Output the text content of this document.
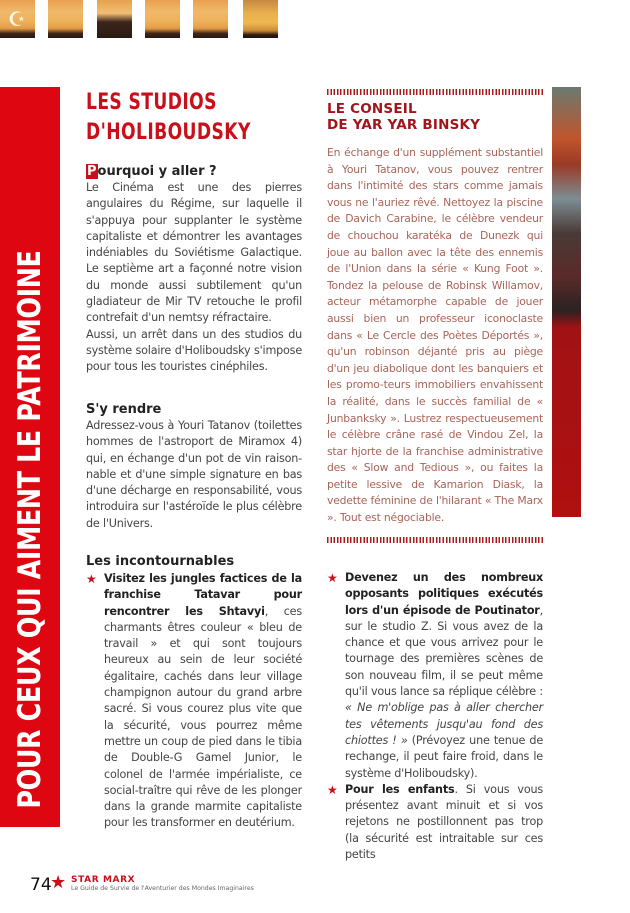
☪
POUR CEUX QUI AIMENT LE PATRIMOINE
LES STUDIOS
D'HOLIBOUDSKY
Pourquoi y aller ?

Le Cinéma est une des pierres angulaires du Régime, sur laquelle il s'appuya pour supplanter le système capitaliste et démontrer les avantages indéniables du Soviétisme Galactique. Le septième art a façonné notre vision du monde aussi subtilement qu'un gladiateur de Mir TV retouche le profil contrefait d'un nemtsy réfractaire.

Aussi, un arrêt dans un des studios du système solaire d'Holiboudsky s'impose pour tous les touristes cinéphiles.

S'y rendre

Adressez-vous à Youri Tatanov (toilettes hommes de l'astroport de Miramox 4) qui, en échange d'un pot de vin raison-nable et d'une simple signature en bas d'une décharge en responsabilité, vous introduira sur l'astéroïde le plus célèbre de l'Univers.

LE CONSEIL
DE YAR YAR BINSKY

En échange d'un supplément substantiel à Youri Tatanov, vous pouvez rentrer dans l'intimité des stars comme jamais vous ne l'auriez rêvé. Nettoyez la piscine de Davich Carabine, le célèbre vendeur de chouchou karatéka de Dunezk qui joue au ballon avec la tête des ennemis de l'Union dans la série « Kung Foot ». Tondez la pelouse de Robinsk Willamov, acteur métamorphe capable de jouer aussi bien un professeur iconoclaste dans « Le Cercle des Poètes Déportés », qu'un robinson déjanté pris au piège d'un jeu diabolique dont les banquiers et les promo-teurs immobiliers envahissent la réalité, dans le succès familial de « Junbanksky ». Lustrez respectueusement le célèbre crâne rasé de Vindou Zel, la star hjorte de la franchise administrative des « Slow and Tedious », ou faites la petite lessive de Kamarion Diask, la vedette féminine de l'hilarant « The Marx ». Tout est négociable.

Les incontournables
★ Visitez les jungles factices de la franchise Tatavar pour rencontrer les Shtavyi, ces charmants êtres couleur « bleu de travail » et qui sont toujours heureux au sein de leur société égalitaire, cachés dans leur village champignon autour du grand arbre sacré. Si vous courez plus vite que la sécurité, vous pourrez même mettre un coup de pied dans le tibia de Double-G Gamel Junior, le colonel de l'armée impérialiste, ce social-traître qui rêve de les plonger dans la grande marmite capitaliste pour les transformer en deutérium.
★ Devenez un des nombreux opposants politiques exécutés lors d'un épisode de Poutinator, sur le studio Z. Si vous avez de la chance et que vous arrivez pour le tournage des premières scènes de son nouveau film, il se peut même qu'il vous lance sa réplique célèbre : « Ne m'oblige pas à aller chercher tes vêtements jusqu'au fond des chiottes ! » (Prévoyez une tenue de rechange, il peut faire froid, dans le système d'Holiboudsky).
★ Pour les enfants. Si vous vous présentez avant minuit et si vos rejetons ne postillonnent pas trop (la sécurité est intraitable sur ces petits
74
★ STAR MARX
Le Guide de Survie de l'Aventurier des Mondes Imaginaires
